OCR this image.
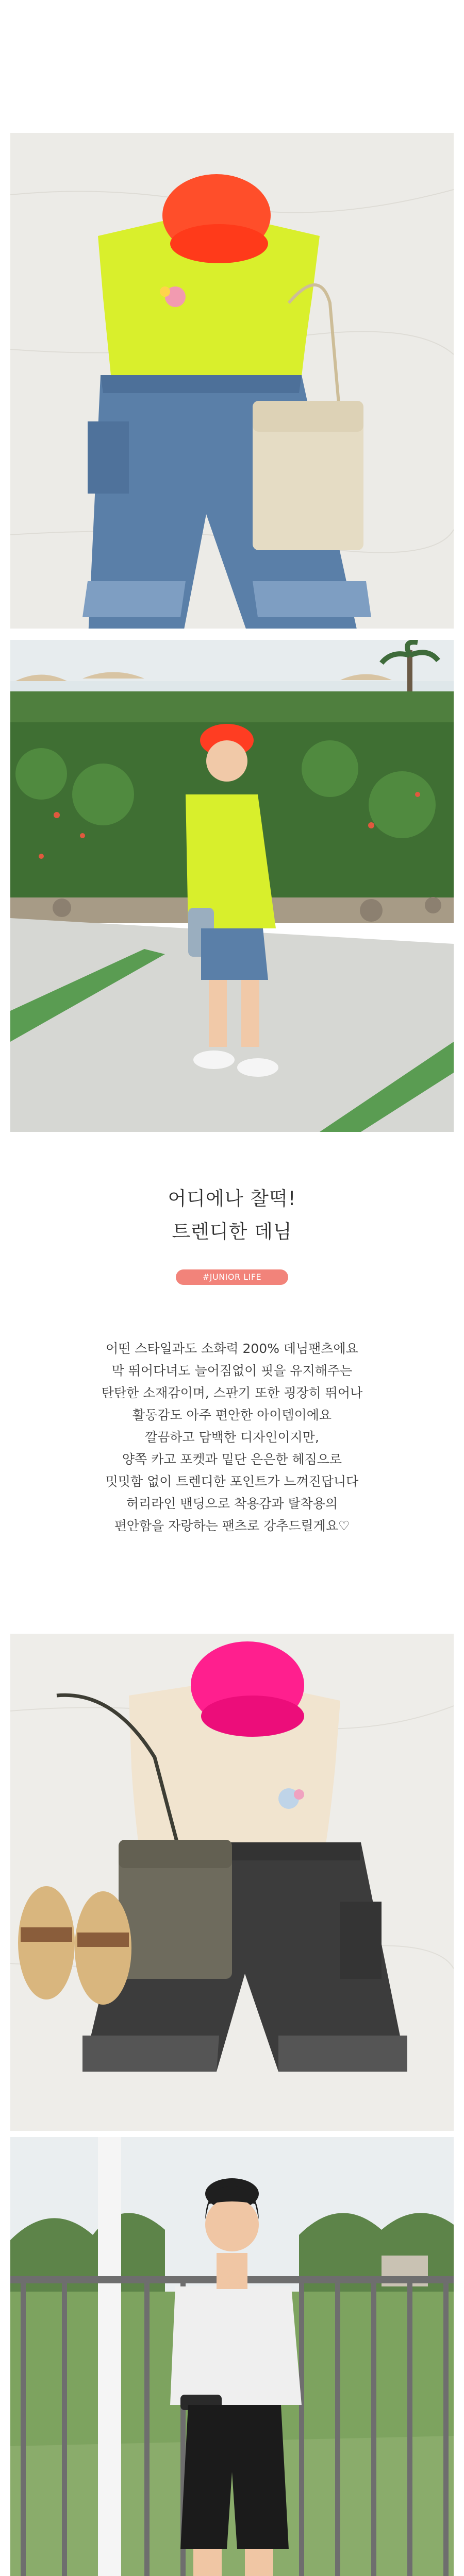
어디에나 찰떡!
트렌디한 데님
#JUNIOR LIFE
어떤 스타일과도 소화력 200% 데님팬츠에요
막 뛰어다녀도 늘어짐없이 핏을 유지해주는
탄탄한 소재감이며, 스판기 또한 굉장히 뛰어나
활동감도 아주 편안한 아이템이에요
깔끔하고 담백한 디자인이지만,
양쪽 카고 포켓과 밑단 은은한 헤짐으로
밋밋함 없이 트렌디한 포인트가 느껴진답니다
허리라인 밴딩으로 착용감과 탈착용의
편안함을 자랑하는 팬츠로 강추드릴게요♡
